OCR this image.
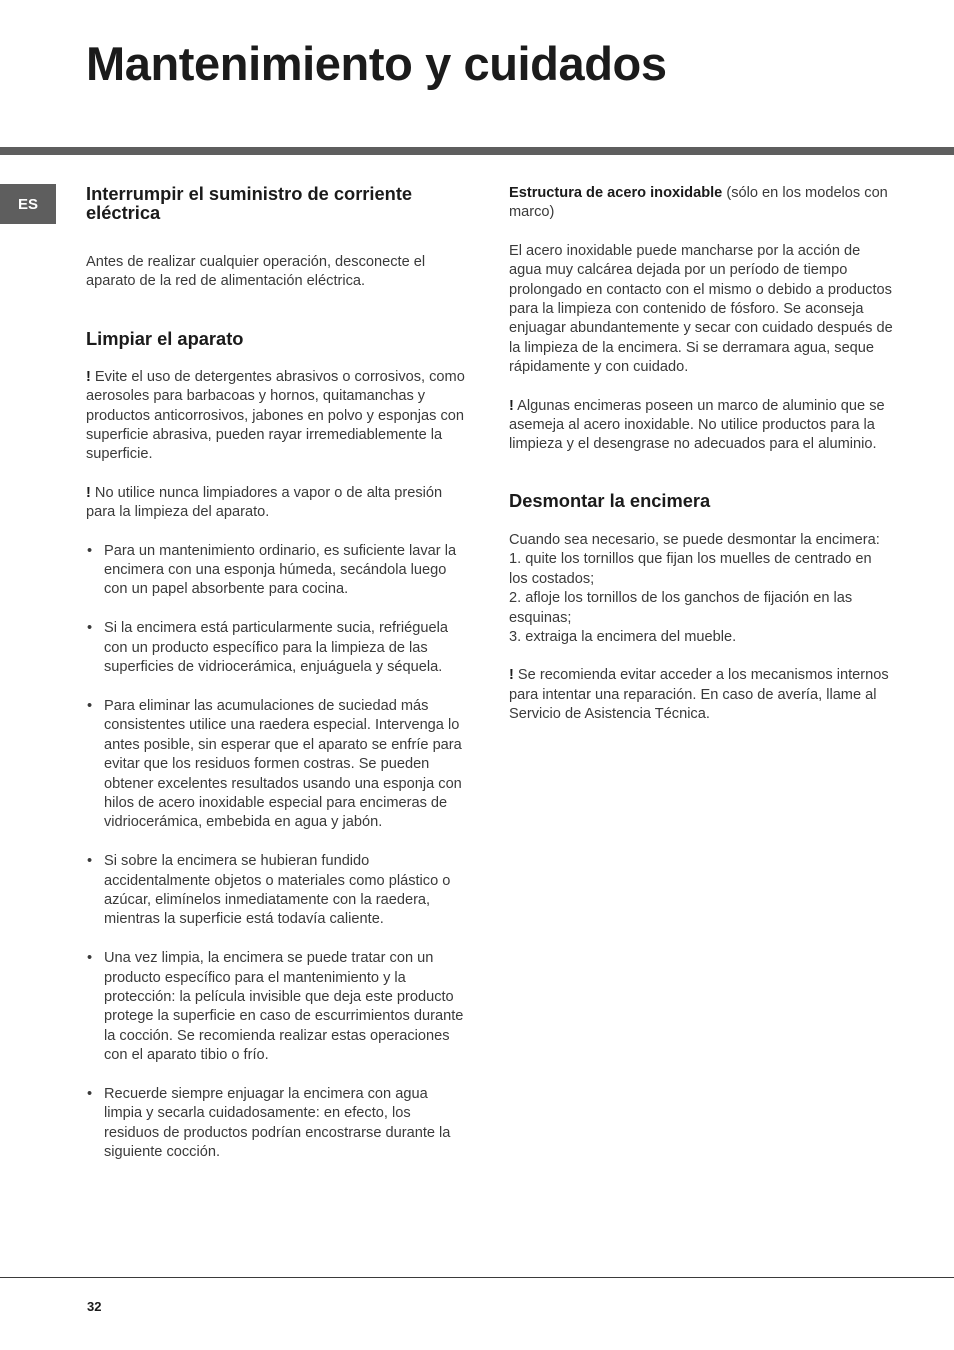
Mantenimiento y cuidados
ES	Interrumpir el suministro de corriente eléctrica

Antes de realizar cualquier operación, desconecte el aparato de la red de alimentación eléctrica.

Limpiar el aparato

! Evite el uso de detergentes abrasivos o corrosivos, como aerosoles para barbacoas y hornos, quitamanchas y productos anticorrosivos, jabones en polvo y esponjas con superficie abrasiva, pueden rayar irremediablemente la superficie.

! No utilice nunca limpiadores a vapor o de alta presión para la limpieza del aparato.

• Para un mantenimiento ordinario, es suficiente lavar la encimera con una esponja húmeda, secándola luego con un papel absorbente para cocina.
• Si la encimera está particularmente sucia, refriéguela con un producto específico para la limpieza de las superficies de vidriocerámica, enjuáguela y séquela.
• Para eliminar las acumulaciones de suciedad más consistentes utilice una raedera especial. Intervenga lo antes posible, sin esperar que el aparato se enfríe para evitar que los residuos formen costras. Se pueden obtener excelentes resultados usando una esponja con hilos de acero inoxidable especial para encimeras de vidriocerámica, embebida en agua y jabón.
• Si sobre la encimera se hubieran fundido accidentalmente objetos o materiales como plástico o azúcar, elimínelos inmediatamente con la raedera, mientras la superficie está todavía caliente.
• Una vez limpia, la encimera se puede tratar con un producto específico para el mantenimiento y la protección: la película invisible que deja este producto protege la superficie en caso de escurrimientos durante la cocción. Se recomienda realizar estas operaciones con el aparato tibio o frío.
• Recuerde siempre enjuagar la encimera con agua limpia y secarla cuidadosamente: en efecto, los residuos de productos podrían encostrarse durante la siguiente cocción.

Estructura de acero inoxidable (sólo en los modelos con marco)

El acero inoxidable puede mancharse por la acción de agua muy calcárea dejada por un período de tiempo prolongado en contacto con el mismo o debido a productos para la limpieza con contenido de fósforo. Se aconseja enjuagar abundantemente y secar con cuidado después de la limpieza de la encimera. Si se derramara agua, seque rápidamente y con cuidado.

! Algunas encimeras poseen un marco de aluminio que se asemeja al acero inoxidable. No utilice productos para la limpieza y el desengrase no adecuados para el aluminio.

Desmontar la encimera

Cuando sea necesario, se puede desmontar la encimera:

1. quite los tornillos que fijan los muelles de centrado en los costados;

2. afloje los tornillos de los ganchos de fijación en las esquinas;

3. extraiga la encimera del mueble.

! Se recomienda evitar acceder a los mecanismos internos para intentar una reparación. En caso de avería, llame al Servicio de Asistencia Técnica.

32
